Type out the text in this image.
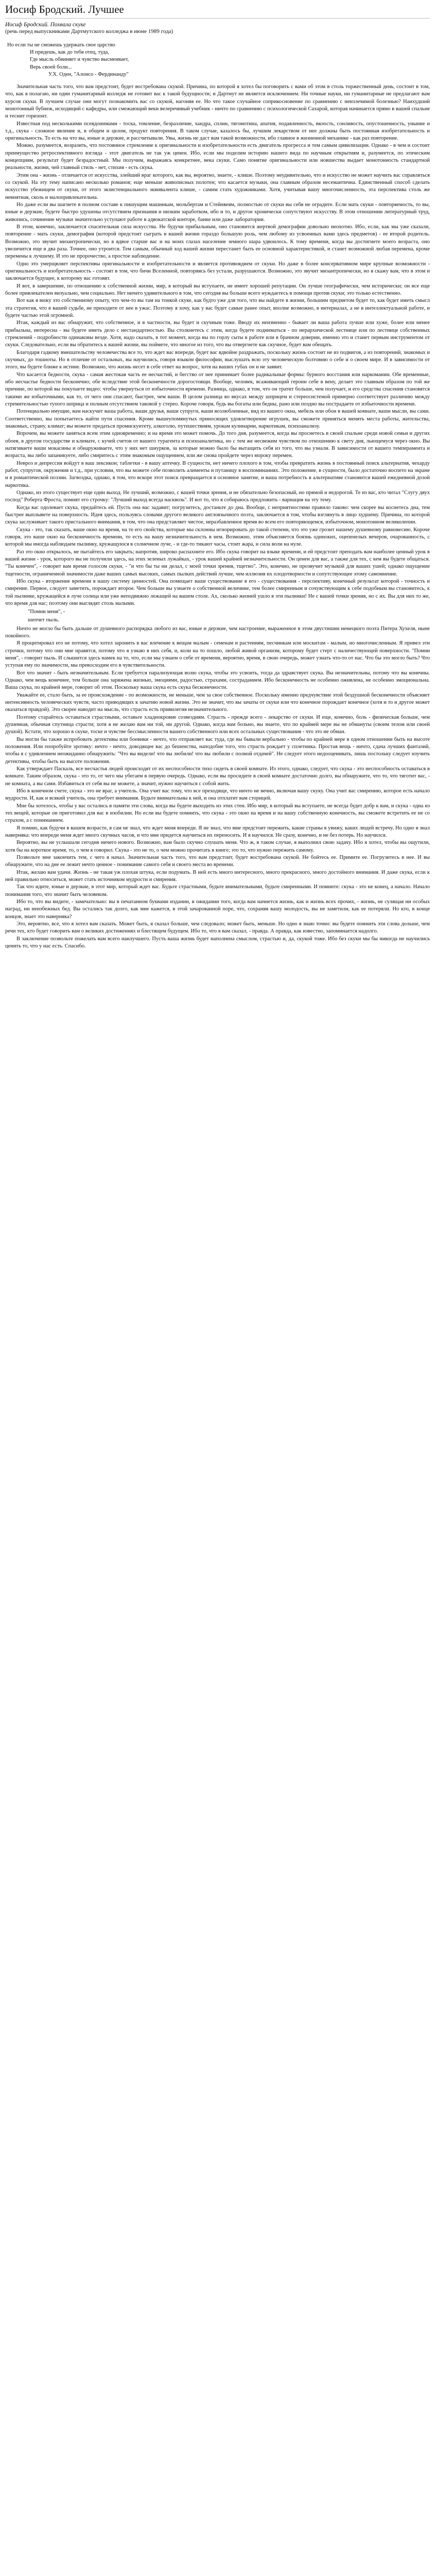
Иосиф Бродский. Лучшее
Иосиф Бродский. Похвала скуке
(речь перед выпускниками Дартмутского колледжа в июне 1989 года)

Но если ты не сможешь удержать свое царство

И придешь, как до тебя отец, туда,

Где мысль обвиняет и чувство высмеивает,

Верь своей боли...

У.Х. Оден, "Алонсо - Фердинанду"

Значительная часть того, что вам предстоит, будет востребована скукой. Причина, по которой я хотел бы поговорить с вами об этом в столь торжественный день, состоит в том, что, как я полагаю, ни один гуманитарный колледж не готовит вас к такой будущности; и Дартмут не является исключением. Ни точные науки, ни гуманитарные не предлагают вам курсов скуки. В лучшем случае они могут познакомить вас со скукой, нагоняя ее. Но что такое случайное соприкосновение по сравнению с неизлечимой болезнью? Наихудший монотонный бубнеж, исходящий с кафедры, или смежающий веки велеречивый учебник - ничто по сравнению с психологической Сахарой, которая начинается прямо в вашей спальне и теснит горизонт.

Известная под несколькими псевдонимами - тоска, томление, безразличие, хандра, сплин, тягомотина, апатия, подавленность, вялость, сонливость, опустошенность, уныние и т.д., скука - сложное явление и, в общем и целом, продукт повторения. В таком случае, казалось бы, лучшим лекарством от нее должны быть постоянная изобретательность и оригинальность. То есть на что вы, юные и дерзкие, и рассчитывали. Увы, жизнь не даст вам такой возможности, ибо главное в жизненной механике - как раз повторение.

Можно, разумеется, возразить, что постоянное стремление к оригинальности и изобретательности есть двигатель прогресса и тем самым цивилизации. Однако - в чем и состоит преимущество ретроспективного взгляда - этот двигатель не так уж ценен. Ибо, если мы поделим историю нашего вида по научным открытиям и, разумеется, по этическим концепциям, результат будет безрадостный. Мы получим, выражаясь конкретнее, века скуки. Само понятие оригинальности или новшества выдает монотонность стандартной реальности, жизни, чей главный стиль - нет, стихия - есть скука.

Этим она - жизнь - отличается от искусства, злейший враг которого, как вы, вероятно, знаете, - клише. Поэтому неудивительно, что и искусство не может научить вас справляться со скукой. На эту тему написано несколько романов; еще меньше живописных полотен; что касается музыки, она главным образом несемантична. Единственный способ сделать искусство убежищем от скуки, от этого экзистенциального эквивалента клише, - самим стать художниками. Хотя, учитывая вашу многочисленность, эта перспектива столь же невнятная, сколь и малопривлекательна.

Но даже если вы шагнете в полном составе к пишущим машинкам, мольбертам и Стейнвеям, полностью от скуки вы себя не оградите. Если мать скуки - повторяемость, то вы, юные и дерзкие, будете быстро удушены отсутствием признания и низким заработком, ибо и то, и другое хронически сопутствуют искусству. В этом отношении литературный труд, живопись, сочинение музыки значительно уступают работе в адвокатской конторе, банке или даже лаборатории.

В этом, конечно, заключается спасительная сила искусства. Не будучи прибыльным, оно становится жертвой демографии довольно неохотно. Ибо, если, как мы уже сказали, повторение - мать скуки, демография (которой предстоит сыграть в вашей жизни гораздо большую роль, чем любому из усвоенных вами здесь предметов) - ее второй родитель. Возможно, это звучит мизантропически, но я вдвое старше вас и на моих глазах население земного шара удвоилось. К тому времени, когда вы достигнете моего возраста, оно увеличится еще в два раза. Точнее, оно утроится. Тем самым, обычный ход вашей жизни перестанет быть ее основной характеристикой, и станет возможной любая перемена, кроме перемены к лучшему. И это не пророчество, а простое наблюдение.

Одно это умерщвляет перспективы оригинальности и изобретательности и является противоядием от скуки. Но даже в более консервативном мире крупные возможности - оригинальность и изобретательность - состоят в том, что бичи Вселенной, повторяясь без устали, разрушаются. Возможно, это звучит мизантропически, но я скажу вам, что в этом и заключается будущее, к которому вас готовят.

И вот, в завершение, по отношению к собственной жизни, мир, в который вы вступаете, не имеет хорошей репутации. Он лучше географически, чем исторически; он все еще более привлекателен визуально, чем социально. Нет ничего удивительного в том, что сегодня вы больше всего нуждаетесь в помощи против скуки; это только естественно.

Вот как я вижу это собственному опыту, что чем-то вы там на тонкой скуке, как будто уже для того, что вы найдете в жизни, большим предметом будет то, как будет иметь смысл эта стратегия, что в вашей судьбе, не приходите от нее в ужас. Поэтому я хочу, как у вас будет самые ранее опыт, вполне возможно, в интерналах, а не в интеллектуальной работе, и будете частью этой огромной.

Итак, каждый из вас обнаружит, что собственное, и в частности, вы будет и скучным тоже. Вводу их неизменно - бывает ли ваша работа лучше или хуже, более или менее прибыльна, интересна - вы будете иметь дело с нестандартностью. Вы столкнетесь с этим, когда будете подниматься - по иерархической лестнице или по лестнице собственных стремлений - подробности одинаковы везде. Хотя, надо сказать, в тот момент, когда вы по горлу сыты в работе или в брачном доверии, именно это и станет первым инструментом от скуки. Следовательно, если вы обратитесь к вашей жизни, вы поймете, что многое из того, что вы отвергнете как скучное, будет вам обещать.

Благодаря гадкому вмешательству человечества все то, что ждет вас впереди, будет вас вдвойне раздражать, поскольку жизнь состоит не из подвигов, а из повторений, знакомых и скучных, до тошноты. Но в отличие от остальных, вы научились, говоря языком философии, выслушать всю эту человеческую болтовню о себе и о своем мире. И в зависимости от этого, вы будете ближе к истине. Возможно, что жизнь несет в себе ответ на вопрос, хотя на ваших губах он и не заявит.

Что касается бедности, скука - самая жестокая часть ее несчастий, и бегство от нее принимает более радикальные формы: бурного восстания или наркомании. Обе временные, ибо несчастье бедности бесконечно; обе вследствие этой бесконечности дорогостоящи. Вообще, человек, всаживающий героин себе в вену, делает это главным образом по той же причине, по которой вы покупаете видео: чтобы увернуться от избыточности времени. Разница, однако, в том, что он тратит больше, чем получает, и его средства спасения становятся такими же избыточными, как то, от чего они спасают, быстрее, чем ваши. В целом разница во вкусах между шприцем и стереосистемой примерно соответствует различию между стремительностью тупого шприца и полным отсутствием таковой у стерео. Короче говоря, будь вы богаты или бедны, рано или поздно вы пострадаете от избыточности времени.

Потенциально имущие, вам наскучит ваша работа, ваши друзья, ваши супруги, ваши возлюбленные, вид из вашего окна, мебель или обои в вашей комнате, ваши мысли, вы сами. Соответственно, вы попытаетесь найти пути спасения. Кроме вышеупомянутых приносящих удовлетворение игрушек, вы сможете приняться менять места работы, жительства, знакомых, страну, климат; вы можете предаться промискуитету, алкоголю, путешествиям, урокам кулинарии, наркотикам, психоанализу.

Впрочем, вы можете заняться всем этим одновременно; и на время это может помочь. До того дня, разумеется, когда вы проснетесь в своей спальне среди новой семьи и других обоев, в другом государстве и климате, с кучей счетов от вашего турагента и психоаналитика, но с тем же несвежим чувством по отношению к свету дня, льющемуся через окно. Вы натягиваете ваши мокасины и обнаруживаете, что у них нет шнурков, за которые можно было бы вытащить себя из того, что вы узнали. В зависимости от вашего темперамента и возраста, вы либо запаникуете, либо смиритесь с этим знакомым ощущением, или же снова пройдете через мороку перемен.

Невроз и депрессия войдут в ваш лексикон; таблетки - в вашу аптечку. В сущности, нет ничего плохого в том, чтобы превратить жизнь в постоянный поиск альтернатив, чехарду работ, супругов, окружения и т.д., при условии, что вы можете себе позволить алименты и путаницу в воспоминаниях. Это положение, в сущности, было достаточно воспето на экране и в романтической поэзии. Загвоздка, однако, в том, что вскоре этот поиск превращается в основное занятие, и ваша потребность в альтернативе становится вашей ежедневной дозой наркотика.

Однако, из этого существует еще один выход. Не лучший, возможно, с вашей точки зрения, и не обязательно безопасный, но прямой и недорогой. Те из вас, кто читал "Слугу двух господ" Роберта Фроста, помнят его строчку: "Лучший выход всегда насквозь". И вот то, что я собираюсь предложить - вариация на эту тему.

Когда вас одолевает скука, предайтесь ей. Пусть она вас задавит; погрузитесь, достаньте до дна. Вообще, с неприятностями правило таково: чем скорее вы коснетесь дна, тем быстрее выплывете на поверхность. Идея здесь, пользуясь словами другого великого англоязычного поэта, заключается в том, чтобы взглянуть в лицо худшему. Причина, по которой скука заслуживает такого пристального внимания, в том, что она представляет чистое, неразбавленное время во всем его повторяющемся, избыточном, монотонном великолепии.

Скука - это, так сказать, ваше окно на время, на те его свойства, которые мы склонны игнорировать до такой степени, что это уже грозит нашему душевному равновесию. Короче говоря, это ваше окно на бесконечность времени, то есть на вашу незначительность в нем. Возможно, этим объясняется боязнь одиноких, оцепенелых вечеров, очарованность, с которой мы иногда наблюдаем пылинку, кружащуюся в солнечном луче, - и где-то тикают часы, стоит жара, и сила воли на нуле.

Раз это окно открылось, не пытайтесь его закрыть; напротив, широко распахните его. Ибо скука говорит на языке времени, и ей предстоит преподать вам наиболее ценный урок в вашей жизни - урок, которого вы не получили здесь, на этих зеленых лужайках, - урок вашей крайней незначительности. Он ценен для вас, а также для тех, с кем вы будете общаться. "Ты конечен", - говорит вам время голосом скуки, - "и что бы ты ни делал, с моей точки зрения, тщетно". Это, конечно, не прозвучит музыкой для ваших ушей; однако ощущение тщетности, ограниченной значимости даже ваших самых высоких, самых пылких действий лучше, чем иллюзия их плодотворности и сопутствующее этому самомнение.

Ибо скука - вторжение времени в нашу систему ценностей. Она помещает ваше существование в его - существования - перспективу, конечный результат которой - точность и смирение. Первое, следует заметить, порождает второе. Чем больше вы узнаете о собственной величине, тем более смиренным и сочувствующим к себе подобным вы становитесь, к той пылинке, кружащейся в луче солнца или уже неподвижно лежащей на вашем столе. Ах, сколько жизней ушло в эти пылинки! Не с вашей точки зрения, но с их. Вы для них то же, что время для нас; поэтому они выглядят столь малыми.

"Помни меня", -

шепчет пыль.

Ничто не могло бы быть дальше от душевного распорядка любого из вас, юные и дерзкие, чем настроение, выраженное в этом двустишии немецкого поэта Питера Хухеля, ныне покойного.

Я процитировал его не потому, что хотел заронить в вас влечение к вещам малым - семенам и растениям, песчинкам или москитам - малым, но многочисленным. Я привел эти строчки, потому что они мне нравятся, потому что я узнаю в них себя, и, коли на то пошло, любой живой организм, которому будет стерт с наличествующей поверхности. "Помни меня", - говорит пыль. И слышится здесь намек на то, что, если мы узнаем о себе от времени, вероятно, время, в свою очередь, может узнать что-то от нас. Что бы это могло быть? Что уступая ему по значимости, мы превосходим его в чувствительности.

Вот что значит - быть незначительным. Если требуется парализующая волю скука, чтобы это усвоить, тогда да здравствует скука. Вы незначительны, потому что вы конечны. Однако, чем вещь конечнее, тем больше она заряжена жизнью, эмоциями, радостью, страхами, состраданием. Ибо бесконечность не особенно оживлена, не особенно эмоциональна. Ваша скука, по крайней мере, говорит об этом. Поскольку ваша скука есть скука бесконечности.

Уважайте ее, стало быть, за ее происхождение - по возможности, не меньше, чем за свое собственное. Поскольку именно предчувствие этой бездушной бесконечности объясняет интенсивность человеческих чувств, часто приводящих к зачатию новой жизни. Это не значит, что вы зачаты от скуки или что конечное порождает конечное (хотя и то и другое может оказаться правдой). Это скорее наводит на мысль, что страсть есть привилегия незначительного.

Поэтому старайтесь оставаться страстными, оставьте хладнокровие созвездиям. Страсть - прежде всего - лекарство от скуки. И еще, конечно, боль - физическая больше, чем душевная, обычная спутница страсти; хотя я не желаю вам ни той, ни другой. Однако, когда вам больно, вы знаете, что по крайней мере вы не обмануты (своим телом или своей душой). Кстати, что хорошо в скуке, тоске и чувстве бессмысленности вашего собственного или всех остальных существования - что это не обман.

Вы могли бы также испробовать детективы или боевики - нечто, что отправляет вас туда, где вы бывали вербально - чтобы по крайней мере в одном отношении быть на высоте положения. Или попробуйте эротику: нечто - нечто, доводящее вас до бешенства, наподобие того, что страсть рождает у сплетника. Простая вещь - ничто, сдача лучших фантазий, чтобы я с удивлением неожиданно обнаружить: "Что вы видели! что вы любили! что вы любили с полной отдачей". Не следует этого недооценивать, лишь постольку следует изучить детективы, чтобы быть на высоте положения.

Как утверждает Паскаль, все несчастья людей происходят от их неспособности тихо сидеть в своей комнате. Из этого, однако, следует, что скука - это неспособность оставаться в комнате. Таким образом, скука - это то, от чего мы убегаем в первую очередь. Однако, если вы просидите в своей комнате достаточно долго, вы обнаружите, что то, что тяготит вас, - не комната, а вы сами. Избавиться от себя вы не можете, а значит, нужно научиться с собой жить.

Ибо в конечном счете, скука - это не враг, а учитель. Она учит вас тому, что все преходяще, что ничто не вечно, включая вашу скуку. Она учит вас смирению, которое есть начало мудрости. И, как и всякий учитель, она требует внимания. Будьте внимательны к ней, и она отплатит вам сторицей.

Мне бы хотелось, чтобы у вас остались в памяти эти слова, когда вы будете выходить из этих стен. Ибо мир, в который вы вступаете, не всегда будет добр к вам, и скука - одна из тех вещей, которые он приготовил для вас в изобилии. Но если вы будете помнить, что скука - это окно на время и на вашу собственную конечность, вы сможете встретить ее не со страхом, а с пониманием.

Я помню, как будучи в вашем возрасте, я сам не знал, что ждет меня впереди. Я не знал, что мне предстоит пережить, какие страны я увижу, каких людей встречу. Но одно я знал наверняка: что впереди меня ждет много скучных часов, и что мне придется научиться их переносить. И я научился. Не сразу, конечно, и не без потерь. Но научился.

Вероятно, вы не услышали сегодня ничего нового. Возможно, вам было скучно слушать меня. Что ж, в таком случае, я выполнил свою задачу. Ибо я хотел, чтобы вы ощутили, хотя бы на короткое время, то, о чем я говорил. Скука - это не то, о чем можно прочитать в книге; это то, что нужно пережить самому.

Позвольте мне закончить тем, с чего я начал. Значительная часть того, что вам предстоит, будет востребована скукой. Не бойтесь ее. Примите ее. Погрузитесь в нее. И вы обнаружите, что на дне ее лежит нечто ценное - понимание самого себя и своего места во времени.

Итак, желаю вам удачи. Жизнь - не такая уж плохая штука, если подумать. В ней есть много интересного, много прекрасного, много достойного внимания. И даже скука, если к ней правильно относиться, может стать источником мудрости и смирения.

Так что идите, юные и дерзкие, в этот мир, который ждет вас. Будьте страстными, будьте внимательными, будьте смиренными. И помните: скука - это не конец, а начало. Начало понимания того, что значит быть человеком.

Ибо то, что вы видите, - замечательно: вы в печатанном буквами издании, в ожидании того, когда вам начнется жизнь, как и жизнь всех прочих, - жизнь, не сулящая ни особых наград, ни неизбежных бед. Вы остались так долго, как мне кажется, в этой зачарованной поре, что, сохраняя вашу молодость, вы не заметили, как ее потеряли. Но кто, в конце концов, знает это наверняка?

Это, вероятно, все, что я хотел вам сказать. Может быть, я сказал больше, чем следовало; может быть, меньше. Но одно я знаю точно: вы будете помнить эти слова дольше, чем речи тех, кто будет говорить вам о великих достижениях и блестящем будущем. Ибо то, что я вам сказал, - правда. А правда, как известно, запоминается надолго.

В заключение позвольте пожелать вам всего наилучшего. Пусть ваша жизнь будет наполнена смыслом, страстью и, да, скукой тоже. Ибо без скуки мы бы никогда не научились ценить то, что у нас есть. Спасибо.
